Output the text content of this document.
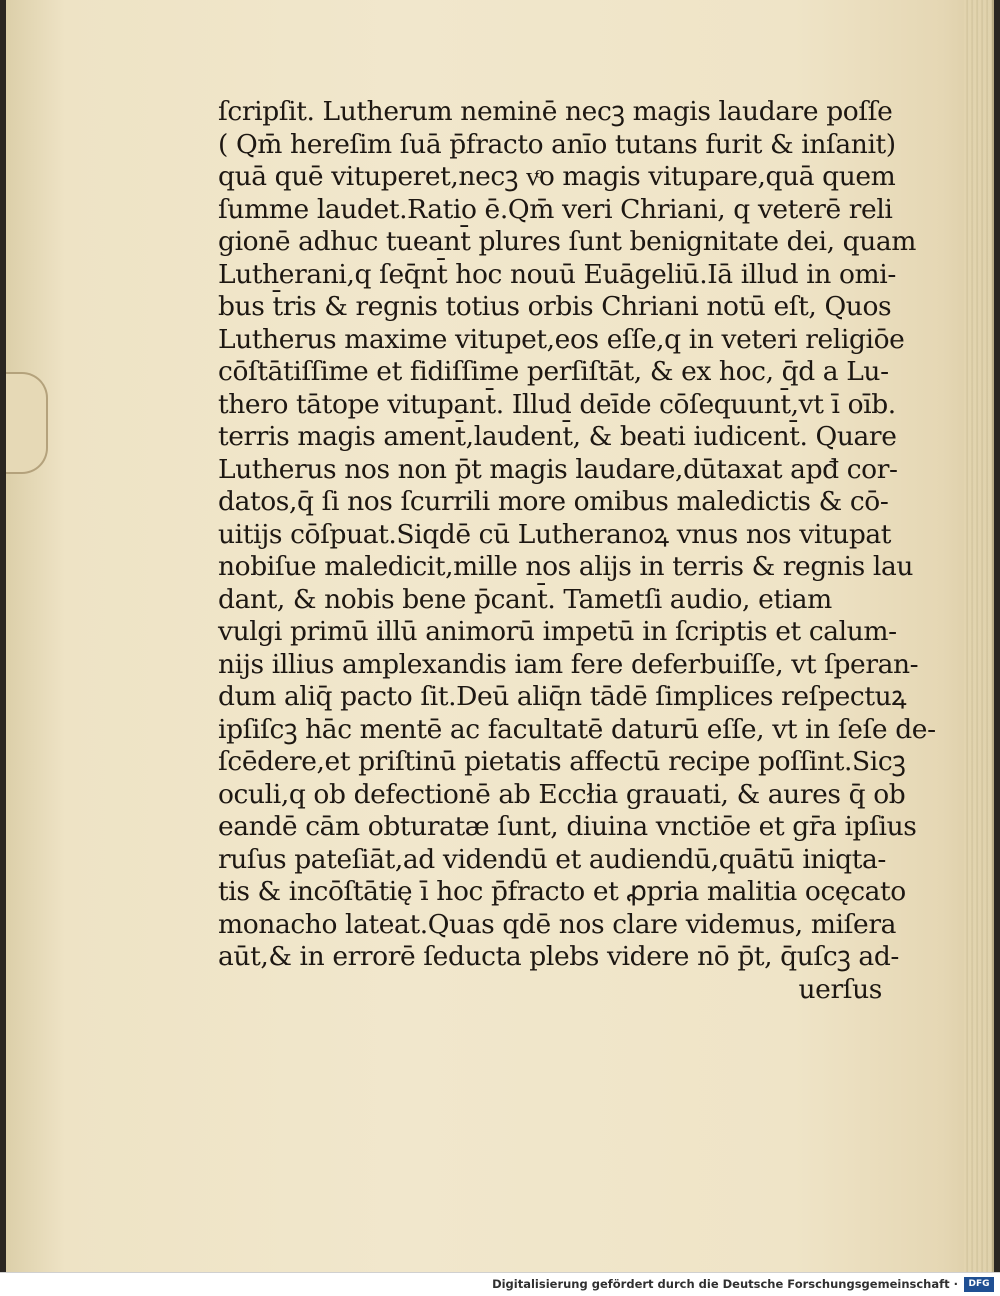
ſcripſit. Lutherum neminē necꝫ magis laudare poſſe
( Qm̄ hereſim ſuā p̄fracto anīo tutans furit & inſanit)
quā quē vituperet,necꝫ vͦo magis vitupare,quā quem
ſumme laudet.Ratio ē.Qm̄ veri Chriani, q veterē reli
gionē adhuc tueant̄ plures ſunt benignitate dei, quam
Lutherani,q ſeq̄nt̄ hoc nouū Euāgeliū.Iā illud in omi-
bus t̄ris & regnis totius orbis Chriani notū eſt, Quos
Lutherus maxime vitupet,eos eſſe,q in veteri religiōe
cōſtātiſſime et fidiſſime perſiſtāt, & ex hoc, q̄d a Lu-
thero tātope vitupant̄. Illud deīde cōſequunt̄,vt ī oīb.
terris magis ament̄,laudent̄, & beati iudicent̄. Quare
Lutherus nos non p̄t magis laudare,dūtaxat apđ cor-
datos,q̄ ſi nos ſcurrili more omibus maledictis & cō-
uitijs cōſpuat.Siqdē cū Lutheranoꝝ vnus nos vitupat
nobiſue maledicit,mille nos alijs in terris & regnis lau
dant, & nobis bene p̄cant̄. Tametſi audio, etiam
vulgi primū illū animorū impetū in ſcriptis et calum-
nijs illius amplexandis iam fere deferbuiſſe, vt ſperan-
dum aliq̄ pacto ſit.Deū aliq̄n tādē ſimplices reſpectuꝝ
ipſiſcꝫ hāc mentē ac facultatē daturū eſſe, vt in ſeſe de-
ſcēdere,et priſtinū pietatis affectū recipe poſſint.Sicꝫ
oculi,q ob defectionē ab Eccłia grauati, & aures q̄ ob
eandē cām obturatæ ſunt, diuina vnctiōe et gr̄a ipſius
ruſus pateſiāt,ad videndū et audiendū,quātū iniqta-
tis & incōſtātię ī hoc p̄fracto et ꝓpria malitia ocęcato
monacho lateat.Quas qdē nos clare videmus, miſera
aūt,& in errorē ſeducta plebs videre nō p̄t, q̄uſcꝫ ad-
uerſus
Digitalisierung gefördert durch die Deutsche Forschungsgemeinschaft ·	DFG
